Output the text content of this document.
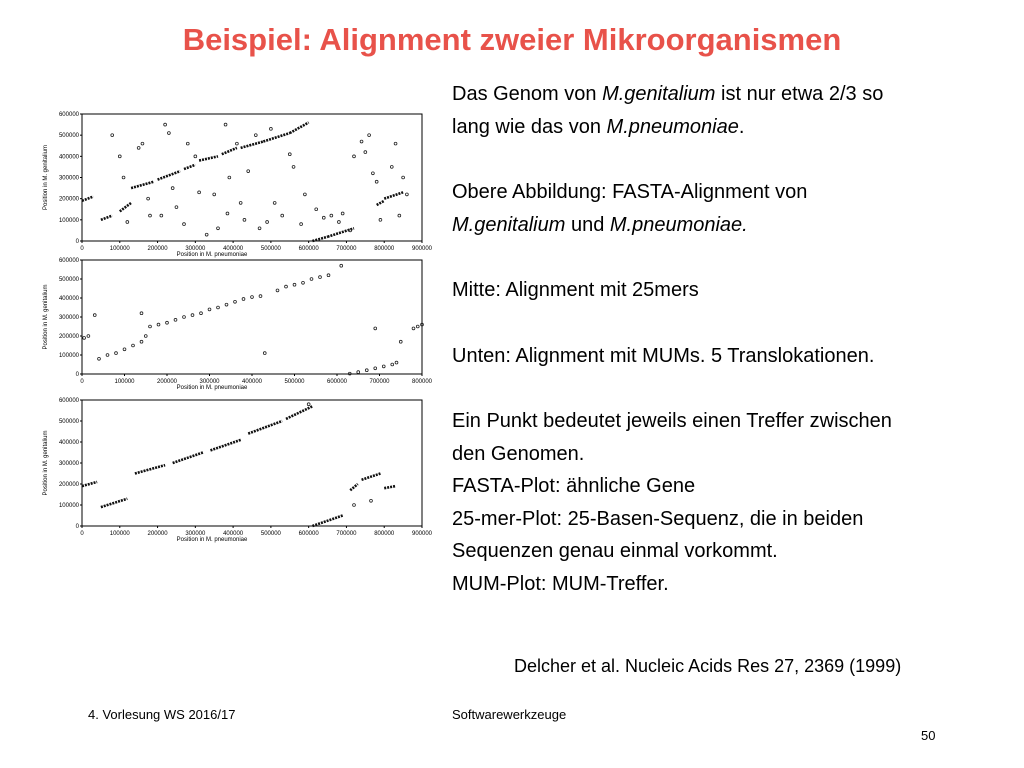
Beispiel: Alignment zweier Mikroorganismen
0	100000	200000	300000	400000	500000	600000	700000	800000	900000
0
100000
200000
300000
400000
500000
600000
Position in M. pneumoniae
Position in M. genitalium
0	100000	200000	300000	400000	500000	600000	700000	800000
0
100000
200000
300000
400000
500000
600000
Position in M. pneumoniae
Position in M. genitalium
0	100000	200000	300000	400000	500000	600000	700000	800000	900000
0
100000
200000
300000
400000
500000
600000
Position in M. pneumoniae
Position in M. genitalium

Das Genom von M.genitalium ist nur etwa 2/3 so

lang wie das von M.pneumoniae.

Obere Abbildung: FASTA-Alignment von

M.genitalium und M.pneumoniae.

Mitte: Alignment mit 25mers

Unten: Alignment mit MUMs. 5 Translokationen.

Ein Punkt bedeutet jeweils einen Treffer zwischen

den Genomen.

FASTA-Plot: ähnliche Gene

25-mer-Plot: 25-Basen-Sequenz, die in beiden

Sequenzen genau einmal vorkommt.

MUM-Plot: MUM-Treffer.

Delcher et al. Nucleic Acids Res 27, 2369 (1999)
4. Vorlesung WS 2016/17	Softwarewerkzeuge
50
